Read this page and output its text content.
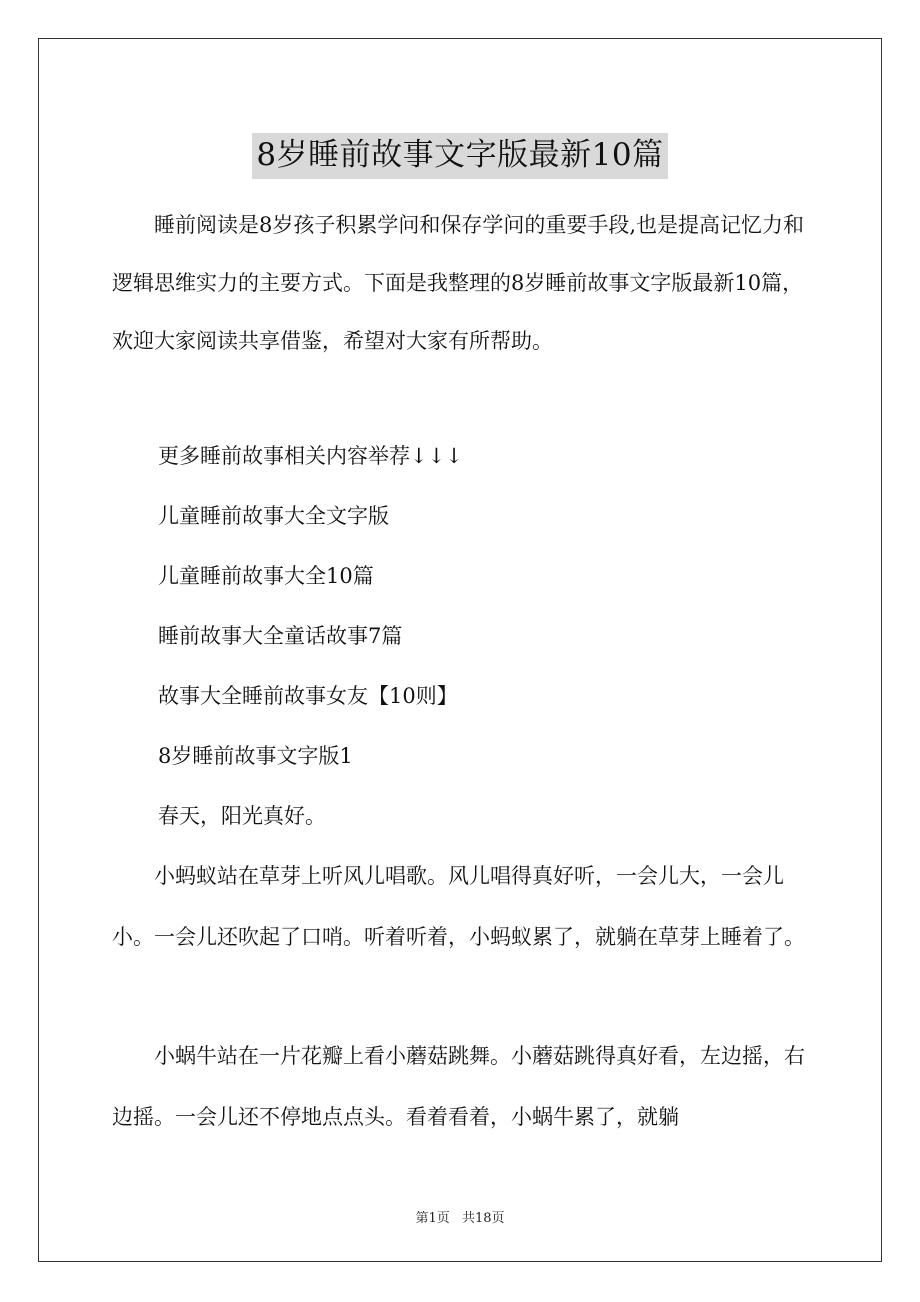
8岁睡前故事文字版最新10篇

睡前阅读是8岁孩子积累学问和保存学问的重要手段,也是提高记忆力和逻辑思维实力的主要方式。下面是我整理的8岁睡前故事文字版最新10篇，欢迎大家阅读共享借鉴，希望对大家有所帮助。

更多睡前故事相关内容举荐↓↓↓
儿童睡前故事大全文字版
儿童睡前故事大全10篇
睡前故事大全童话故事7篇
故事大全睡前故事女友【10则】
8岁睡前故事文字版1
春天，阳光真好。

小蚂蚁站在草芽上听风儿唱歌。风儿唱得真好听，一会儿大，一会儿小。一会儿还吹起了口哨。听着听着，小蚂蚁累了，就躺在草芽上睡着了。

小蜗牛站在一片花瓣上看小蘑菇跳舞。小蘑菇跳得真好看，左边摇，右边摇。一会儿还不停地点点头。看着看着，小蜗牛累了，就躺

第1页 共18页
